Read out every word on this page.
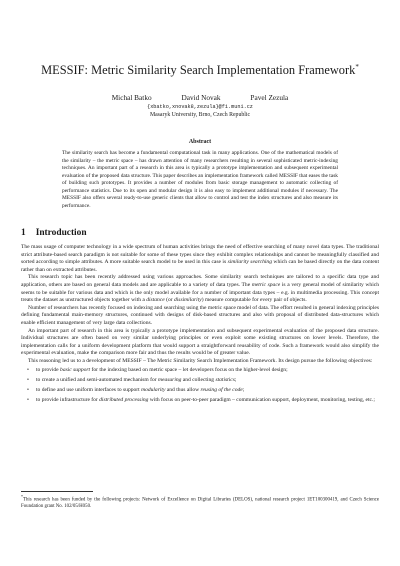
MESSIF: Metric Similarity Search Implementation Framework*
Michal Batko	David Novak	Pavel Zezula
{xbatko,xnovak8,zezula}@fi.muni.cz
Masaryk University, Brno, Czech Republic
Abstract
The similarity search has become a fundamental computational task in many applications. One of the mathematical models of the similarity – the metric space – has drawn attention of many researchers resulting in several sophisticated metric-indexing techniques. An important part of a research in this area is typically a prototype implementation and subsequent experimental evaluation of the proposed data structure. This paper describes an implementation framework called MESSIF that eases the task of building such prototypes. It provides a number of modules from basic storage management to automatic collecting of performance statistics. Due to its open and modular design it is also easy to implement additional modules if necessary. The MESSIF also offers several ready-to-use generic clients that allow to control and test the index structures and also measure its performance.
1 Introduction

The mass usage of computer technology in a wide spectrum of human activities brings the need of effective searching of many novel data types. The traditional strict attribute-based search paradigm is not suitable for some of these types since they exhibit complex relationships and cannot be meaningfully classified and sorted according to simple attributes. A more suitable search model to be used in this case is similarity searching which can be based directly on the data content rather than on extracted attributes.

This research topic has been recently addressed using various approaches. Some similarity search techniques are tailored to a specific data type and application, others are based on general data models and are applicable to a variety of data types. The metric space is a very general model of similarity which seems to be suitable for various data and which is the only model available for a number of important data types – e.g. in multimedia processing. This concept treats the dataset as unstructured objects together with a distance (or dissimilarity) measure computable for every pair of objects.

Number of researchers has recently focused on indexing and searching using the metric space model of data. The effort resulted in general indexing principles defining fundamental main-memory structures, continued with designs of disk-based structures and also with proposal of distributed data-structures which enable efficient management of very large data collections.

An important part of research in this area is typically a prototype implementation and subsequent experimental evaluation of the proposed data structure. Individual structures are often based on very similar underlying principles or even exploit some existing structures on lower levels. Therefore, the implementation calls for a uniform development platform that would support a straightforward reusability of code. Such a framework would also simplify the experimental evaluation, make the comparison more fair and thus the results would be of greater value.

This reasoning led us to a development of MESSIF – The Metric Similarity Search Implementation Framework. Its design pursue the following objectives:

• to provide basic support for the indexing based on metric space – let developers focus on the higher-level design;
• to create a unified and semi-automated mechanism for measuring and collecting statistics;
• to define and use uniform interfaces to support modularity and thus allow reusing of the code;
• to provide infrastructure for distributed processing with focus on peer-to-peer paradigm – communication support, deployment, monitoring, testing, etc.;
*This research has been funded by the following projects: Network of Excellence on Digital Libraries (DELOS), national research project 1ET100300419, and Czech Science Foundation grant No. 102/05/H050.
